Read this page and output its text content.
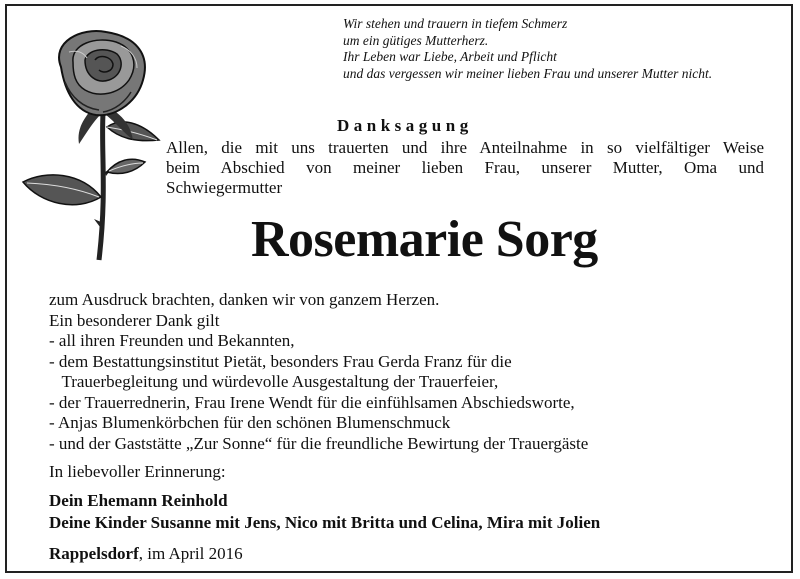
Wir stehen und trauern in tiefem Schmerz
um ein gütiges Mutterherz.
Ihr Leben war Liebe, Arbeit und Pflicht
und das vergessen wir meiner lieben Frau und unserer Mutter nicht.
Danksagung
Allen, die mit uns trauerten und ihre Anteilnahme in so vielfältiger Weise
beim Abschied von meiner lieben Frau, unserer Mutter, Oma und
Schwiegermutter
Rosemarie Sorg
zum Ausdruck brachten, danken wir von ganzem Herzen.
Ein besonderer Dank gilt
- all ihren Freunden und Bekannten,
- dem Bestattungsinstitut Pietät, besonders Frau Gerda Franz für die
Trauerbegleitung und würdevolle Ausgestaltung der Trauerfeier,
- der Trauerrednerin, Frau Irene Wendt für die einfühlsamen Abschiedsworte,
- Anjas Blumenkörbchen für den schönen Blumenschmuck
- und der Gaststätte „Zur Sonne“ für die freundliche Bewirtung der Trauergäste
In liebevoller Erinnerung:
Dein Ehemann Reinhold
Deine Kinder Susanne mit Jens, Nico mit Britta und Celina, Mira mit Jolien
Rappelsdorf, im April 2016
